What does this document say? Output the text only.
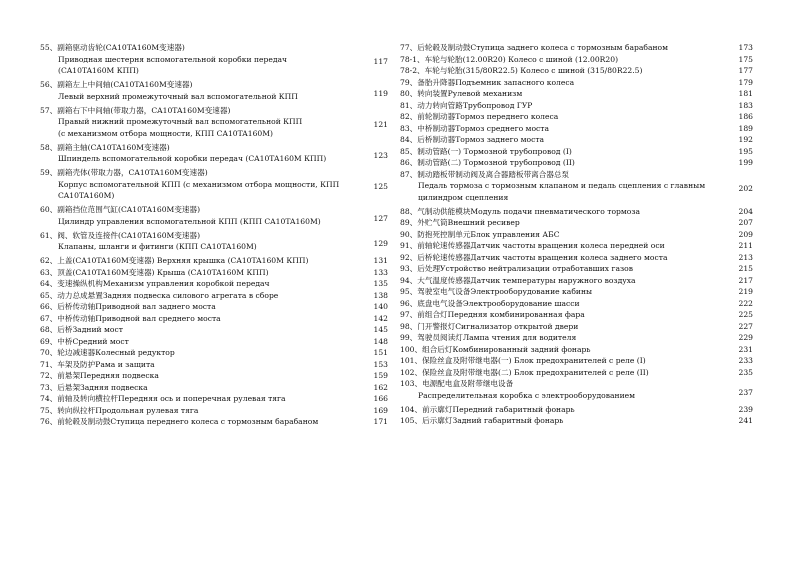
55、副箱驱动齿轮(CA10TA160M变速器)
Приводная шестерня вспомогательной коробки передач
(CA10TA160M КПП)
117
56、副箱左上中间轴(CA10TA160M变速器)
Левый верхний промежуточный вал вспомогательной КПП	119
57、副箱右下中间轴(带取力器，CA10TA160M变速器)
Правый нижний промежуточный вал вспомогательной КПП
(с механизмом отбора мощности, КПП CA10TA160M)
121
58、副箱主轴(CA10TA160M变速器)
Шпиндель вспомогательной коробки передач (CA10TA160M КПП)	123
59、副箱壳体(带取力器，CA10TA160M变速器)
Корпус вспомогательной КПП (с механизмом отбора мощности, КПП
CA10TA160M)
125
60、副箱挡位范围气缸(CA10TA160M变速器)
Цилиндр управления вспомогательной КПП (КПП CA10TA160M)	127
61、阀、软管及连接件(CA10TA160M变速器)
Клапаны, шланги и фитинги (КПП CA10TA160M)	129
62、上盖(CA10TA160M变速器) Верхняя крышка (CA10TA160M КПП)	131
63、顶盖(CA10TA160M变速器) Крыша (CA10TA160M КПП)	133
64、变速操纵机构Механизм управления коробкой передач	135
65、动力总成悬置Задняя подвеска силового агрегата в сборе	138
66、后桥传动轴Приводной вал заднего моста	140
67、中桥传动轴Приводной вал среднего моста	142
68、后桥Задний мост	145
69、中桥Средний мост	148
70、轮边减速器Колесный редуктор	151
71、车架及防护Рама и защита	153
72、前悬架Передняя подвеска	159
73、后悬架Задняя подвеска	162
74、前轴及转向横拉杆Передняя ось и поперечная рулевая тяга	166
75、转向纵拉杆Продольная рулевая тяга	169
76、前轮毂及制动鼓Ступица переднего колеса с тормозным барабаном	171
77、后轮毂及制动鼓Ступица заднего колеса с тормозным барабаном	173
78-1、车轮与轮胎(12.00R20) Колесо с шиной (12.00R20)	175
78-2、车轮与轮胎(315/80R22.5) Колесо с шиной (315/80R22.5)	177
79、备胎升降器Подъемник запасного колеса	179
80、转向装置Рулевой механизм	181
81、动力转向管路Трубопровод ГУР	183
82、前轮制动器Тормоз переднего колеса	186
83、中桥制动器Тормоз среднего моста	189
84、后桥制动器Тормоз заднего моста	192
85、制动管路(一) Тормозной трубопровод (I)	195
86、制动管路(二) Тормозной трубопровод (II)	199
87、制动踏板带制动阀及离合器踏板带离合器总泵
Педаль тормоза с тормозным клапаном и педаль сцепления с главным
цилиндром сцепления
202
88、气制动供能模块Модуль подачи пневматического тормоза	204
89、外贮气筒Внешний ресивер	207
90、防抱死控制单元Блок управления АБС	209
91、前轴轮速传感器Датчик частоты вращения колеса передней оси	211
92、后桥轮速传感器Датчик частоты вращения колеса заднего моста	213
93、后处理Устройство нейтрализации отработавших газов	215
94、大气温度传感器Датчик температуры наружного воздуха	217
95、驾驶室电气设备Электрооборудование кабины	219
96、底盘电气设备Электрооборудование шасси	222
97、前组合灯Передняя комбинированная фара	225
98、门开警报灯Сигнализатор открытой двери	227
99、驾驶员阅读灯Лампа чтения для водителя	229
100、组合后灯Комбинированный задний фонарь	231
101、保险丝盒及附带继电器(一) Блок предохранителей с реле (I)	233
102、保险丝盒及附带继电器(二) Блок предохранителей с реле (II)	235
103、电源配电盒及附带继电设备
Распределительная коробка с электрооборудованием	237
104、前示廓灯Передний габаритный фонарь	239
105、后示廓灯Задний габаритный фонарь	241
